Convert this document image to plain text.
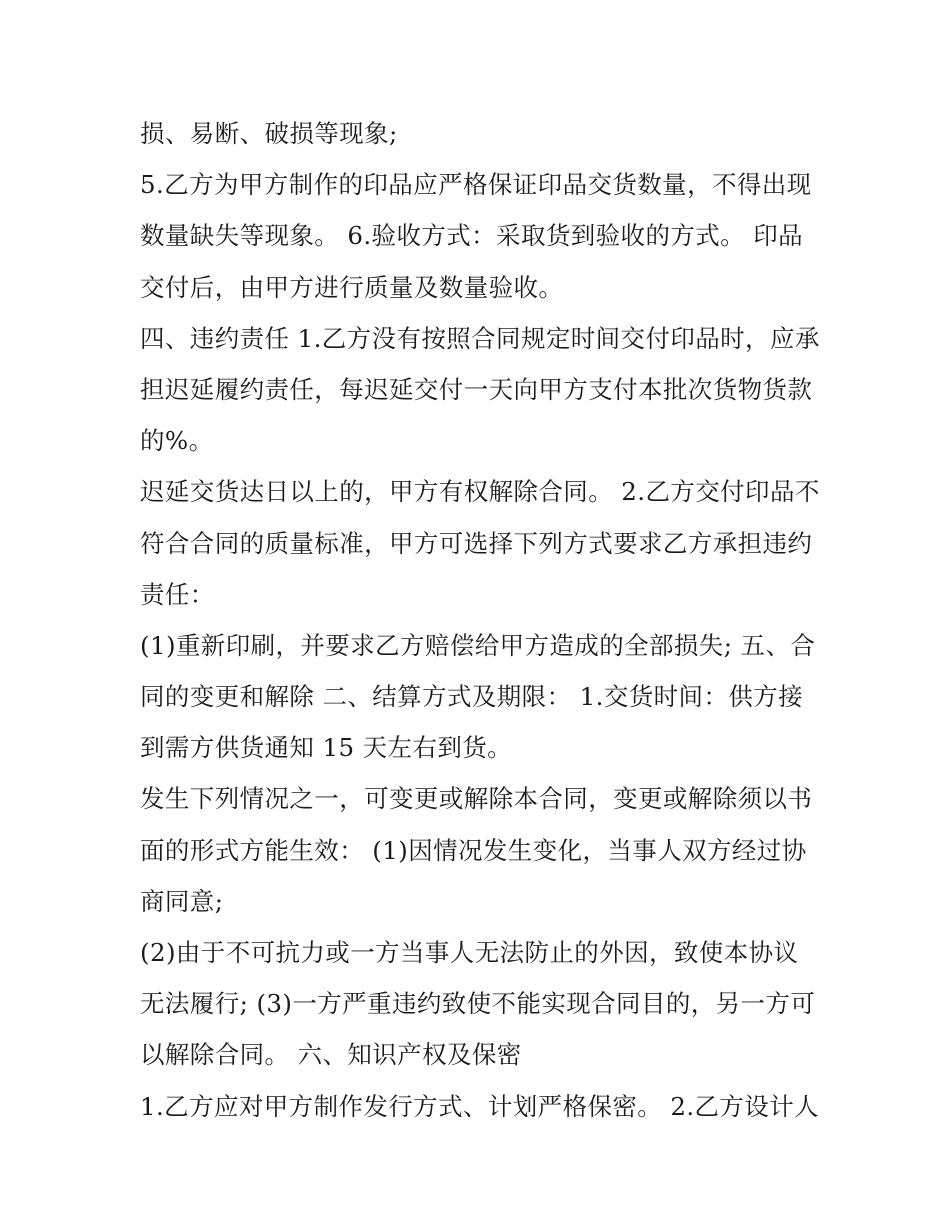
损、易断、破损等现象;
5.乙方为甲方制作的印品应严格保证印品交货数量，不得出现
数量缺失等现象。 6.验收方式：采取货到验收的方式。 印品
交付后，由甲方进行质量及数量验收。
四、违约责任 1.乙方没有按照合同规定时间交付印品时，应承
担迟延履约责任，每迟延交付一天向甲方支付本批次货物货款
的%。
迟延交货达日以上的，甲方有权解除合同。 2.乙方交付印品不
符合合同的质量标准，甲方可选择下列方式要求乙方承担违约
责任：
(1)重新印刷，并要求乙方赔偿给甲方造成的全部损失; 五、合
同的变更和解除 二、结算方式及期限： 1.交货时间：供方接
到需方供货通知 15 天左右到货。
发生下列情况之一，可变更或解除本合同，变更或解除须以书
面的形式方能生效： (1)因情况发生变化，当事人双方经过协
商同意;
(2)由于不可抗力或一方当事人无法防止的外因，致使本协议
无法履行; (3)一方严重违约致使不能实现合同目的，另一方可
以解除合同。 六、知识产权及保密
1.乙方应对甲方制作发行方式、计划严格保密。 2.乙方设计人
